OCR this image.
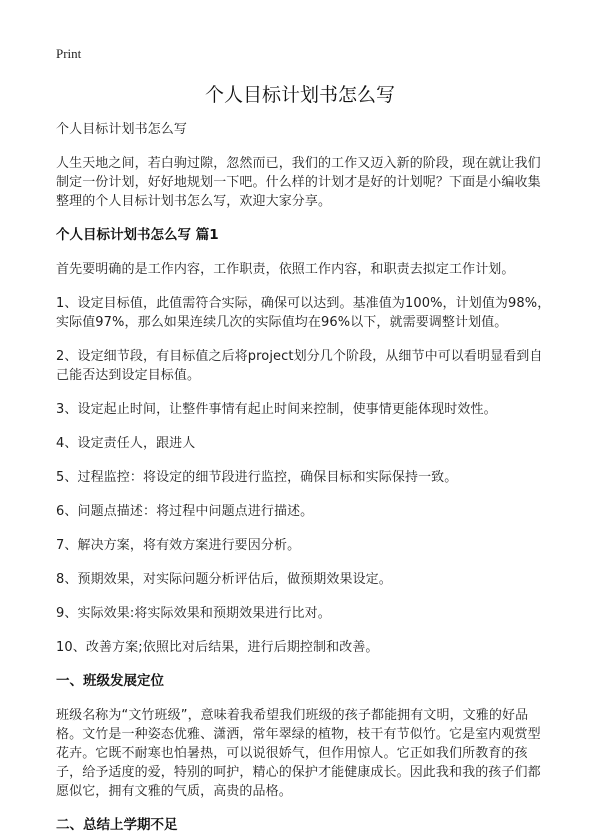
Print
个人目标计划书怎么写

个人目标计划书怎么写

人生天地之间，若白驹过隙，忽然而已，我们的工作又迈入新的阶段，现在就让我们制定一份计划，好好地规划一下吧。什么样的计划才是好的计划呢？下面是小编收集整理的个人目标计划书怎么写，欢迎大家分享。

个人目标计划书怎么写 篇1

首先要明确的是工作内容，工作职责，依照工作内容，和职责去拟定工作计划。

1、设定目标值，此值需符合实际，确保可以达到。基准值为100%，计划值为98%，实际值97%，那么如果连续几次的实际值均在96%以下，就需要调整计划值。

2、设定细节段，有目标值之后将project划分几个阶段，从细节中可以看明显看到自己能否达到设定目标值。

3、设定起止时间，让整件事情有起止时间来控制，使事情更能体现时效性。

4、设定责任人，跟进人

5、过程监控：将设定的细节段进行监控，确保目标和实际保持一致。

6、问题点描述：将过程中问题点进行描述。

7、解决方案，将有效方案进行要因分析。

8、预期效果，对实际问题分析评估后，做预期效果设定。

9、实际效果:将实际效果和预期效果进行比对。

10、改善方案;依照比对后结果，进行后期控制和改善。

一、班级发展定位

班级名称为“文竹班级”，意味着我希望我们班级的孩子都能拥有文明，文雅的好品格。文竹是一种姿态优雅、潇洒，常年翠绿的植物，枝干有节似竹。它是室内观赏型花卉。它既不耐寒也怕暑热，可以说很娇气，但作用惊人。它正如我们所教育的孩子，给予适度的爱，特别的呵护，精心的保护才能健康成长。因此我和我的孩子们都愿似它，拥有文雅的气质，高贵的品格。

二、总结上学期不足
